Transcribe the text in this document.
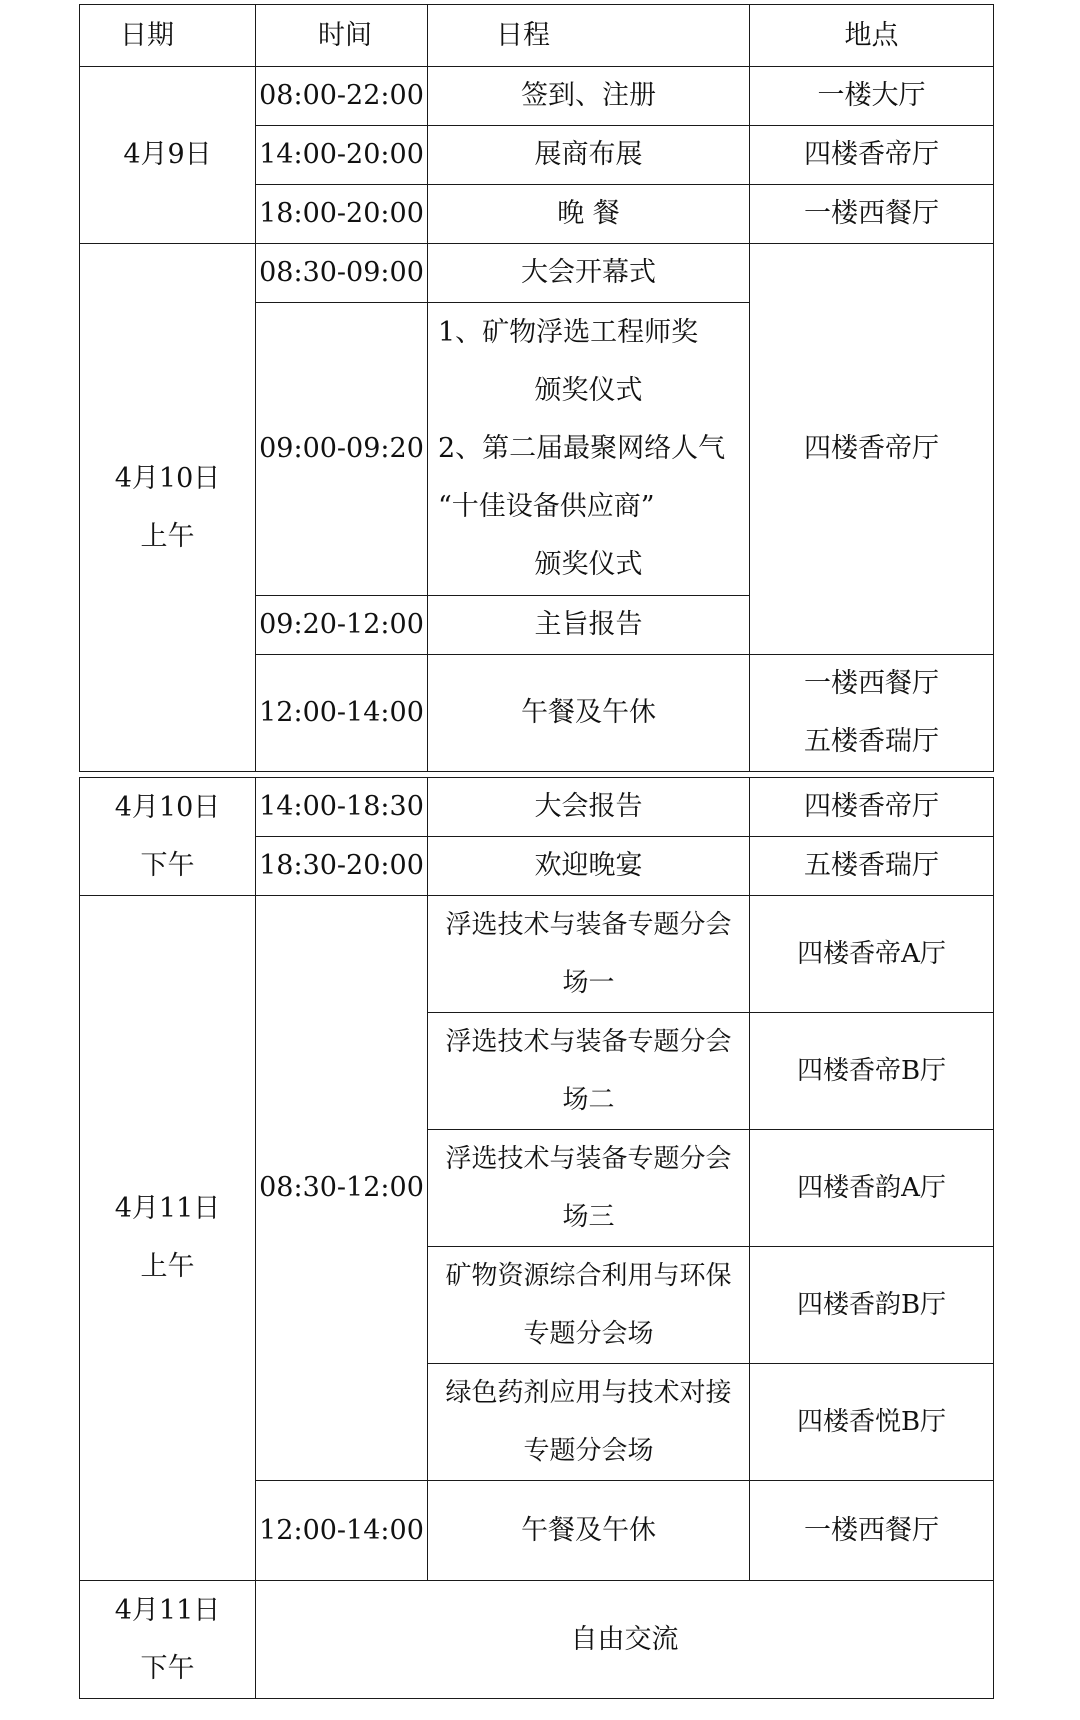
日期	时间	日程	地点
4月9日	08:00-22:00	签到、注册	一楼大厅
	14:00-20:00	展商布展	四楼香帝厅
	18:00-20:00	晚 餐	一楼西餐厅

4月10日
上午	08:30-09:00	大会开幕式	四楼香帝厅
	09:00-09:20	1、矿物浮选工程师奖
颁奖仪式
2、第二届最聚网络人气
“十佳设备供应商”
颁奖仪式	

	09:20-12:00	主旨报告	
	12:00-14:00	午餐及午休	一楼西餐厅
五楼香瑞厅
4月10日
下午	14:00-18:30	大会报告	四楼香帝厅
	18:30-20:00	欢迎晚宴	五楼香瑞厅

4月11日
上午	08:30-12:00	浮选技术与装备专题分会
场一	四楼香帝A厅

		浮选技术与装备专题分会
场二	四楼香帝B厅

		浮选技术与装备专题分会
场三	四楼香韵A厅

		矿物资源综合利用与环保
专题分会场	四楼香韵B厅

		绿色药剂应用与技术对接
专题分会场	四楼香悦B厅
	12:00-14:00	午餐及午休	一楼西餐厅

4月11日
下午	自由交流		
